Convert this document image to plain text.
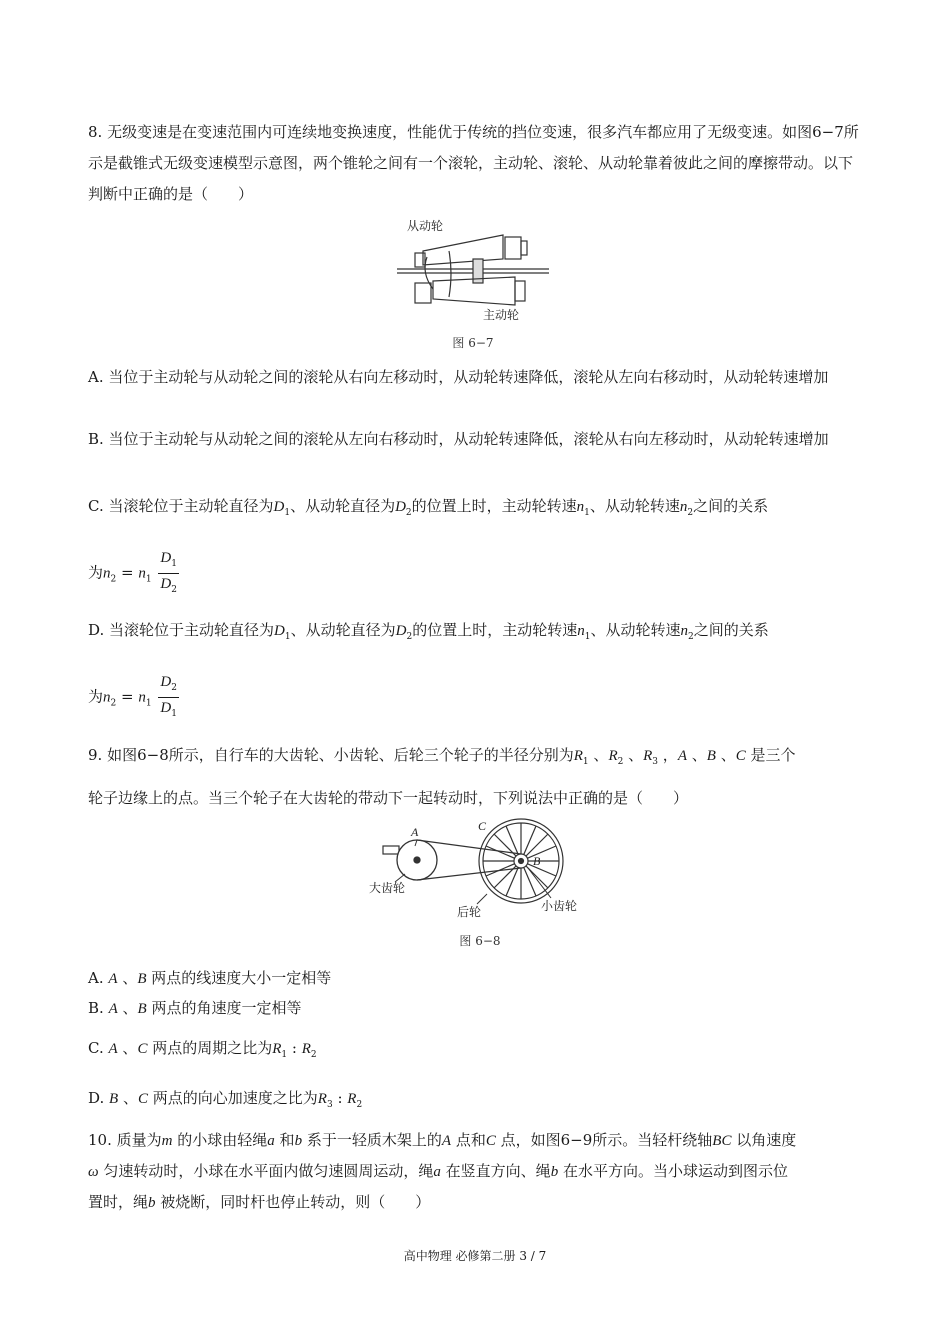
8. 无级变速是在变速范围内可连续地变换速度，性能优于传统的挡位变速，很多汽车都应用了无级变速。如图6−7所示是截锥式无级变速模型示意图，两个锥轮之间有一个滚轮，主动轮、滚轮、从动轮靠着彼此之间的摩擦带动。以下判断中正确的是（　　）

从动轮
主动轮
图 6−7

A. 当位于主动轮与从动轮之间的滚轮从右向左移动时，从动轮转速降低，滚轮从左向右移动时，从动轮转速增加

B. 当位于主动轮与从动轮之间的滚轮从左向右移动时，从动轮转速降低，滚轮从右向左移动时，从动轮转速增加

C. 当滚轮位于主动轮直径为$D_1$、从动轮直径为$D_2$的位置上时，主动轮转速$n_1$、从动轮转速$n_2$之间的关系
为$n_2 = n_1 \frac{D_1}{D_2}$
D. 当滚轮位于主动轮直径为$D_1$、从动轮直径为$D_2$的位置上时，主动轮转速$n_1$、从动轮转速$n_2$之间的关系
为$n_2 = n_1 \frac{D_2}{D_1}$
9. 如图6−8所示，自行车的大齿轮、小齿轮、后轮三个轮子的半径分别为$R_1$ 、$R_2$ 、$R_3$ ，A 、B 、C 是三个
轮子边缘上的点。当三个轮子在大齿轮的带动下一起转动时，下列说法中正确的是（　　）
A	C
B
大齿轮
后轮	小齿轮
图 6−8
A. A 、B 两点的线速度大小一定相等
B. A 、B 两点的角速度一定相等
C. A 、C 两点的周期之比为$R_1$ : $R_2$
D. B 、C 两点的向心加速度之比为$R_3$ : $R_2$
10. 质量为m 的小球由轻绳a 和b 系于一轻质木架上的A 点和C 点，如图6−9所示。当轻杆绕轴BC 以角速度
ω 匀速转动时，小球在水平面内做匀速圆周运动，绳a 在竖直方向、绳b 在水平方向。当小球运动到图示位
置时，绳b 被烧断，同时杆也停止转动，则（　　）
高中物理 必修第二册 3 / 7
